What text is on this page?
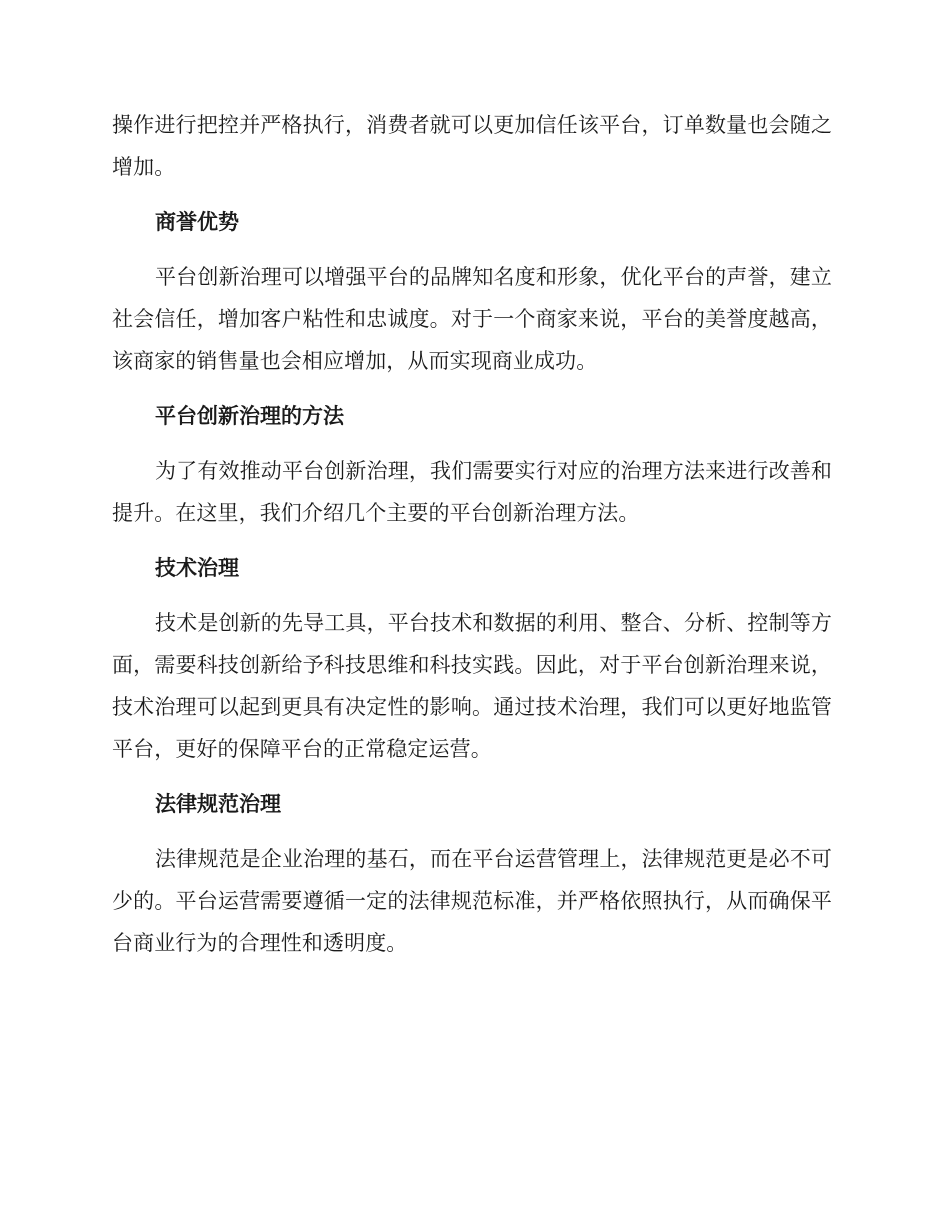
操作进行把控并严格执行，消费者就可以更加信任该平台，订单数量也会随之增加。

商誉优势

平台创新治理可以增强平台的品牌知名度和形象，优化平台的声誉，建立社会信任，增加客户粘性和忠诚度。对于一个商家来说，平台的美誉度越高，该商家的销售量也会相应增加，从而实现商业成功。

平台创新治理的方法

为了有效推动平台创新治理，我们需要实行对应的治理方法来进行改善和提升。在这里，我们介绍几个主要的平台创新治理方法。

技术治理

技术是创新的先导工具，平台技术和数据的利用、整合、分析、控制等方面，需要科技创新给予科技思维和科技实践。因此，对于平台创新治理来说，技术治理可以起到更具有决定性的影响。通过技术治理，我们可以更好地监管平台，更好的保障平台的正常稳定运营。

法律规范治理

法律规范是企业治理的基石，而在平台运营管理上，法律规范更是必不可少的。平台运营需要遵循一定的法律规范标准，并严格依照执行，从而确保平台商业行为的合理性和透明度。
